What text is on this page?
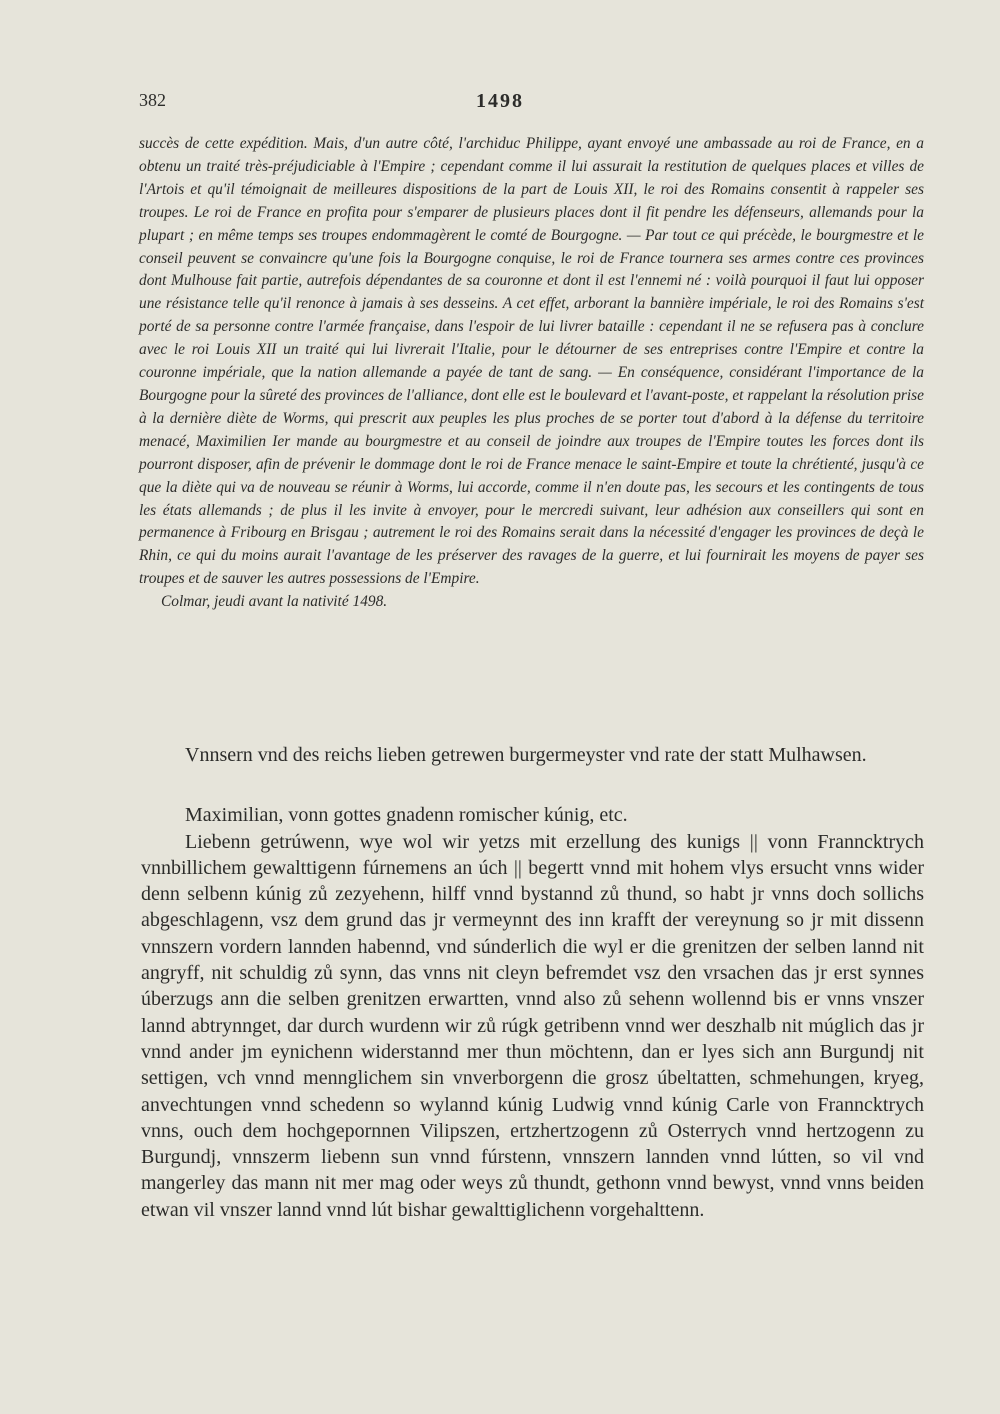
382	1498

succès de cette expédition. Mais, d'un autre côté, l'archiduc Philippe, ayant envoyé une ambassade au roi de France, en a obtenu un traité très-préjudiciable à l'Empire ; cependant comme il lui assurait la restitution de quelques places et villes de l'Artois et qu'il témoignait de meilleures dispositions de la part de Louis XII, le roi des Romains consentit à rappeler ses troupes. Le roi de France en profita pour s'emparer de plusieurs places dont il fit pendre les défenseurs, allemands pour la plupart ; en même temps ses troupes endommagèrent le comté de Bourgogne. — Par tout ce qui précède, le bourgmestre et le conseil peuvent se convaincre qu'une fois la Bourgogne conquise, le roi de France tournera ses armes contre ces provinces dont Mulhouse fait partie, autrefois dépendantes de sa couronne et dont il est l'ennemi né : voilà pourquoi il faut lui opposer une résistance telle qu'il renonce à jamais à ses desseins. A cet effet, arborant la bannière impériale, le roi des Romains s'est porté de sa personne contre l'armée française, dans l'espoir de lui livrer bataille : cependant il ne se refusera pas à conclure avec le roi Louis XII un traité qui lui livrerait l'Italie, pour le détourner de ses entreprises contre l'Empire et contre la couronne impériale, que la nation allemande a payée de tant de sang. — En conséquence, considérant l'importance de la Bourgogne pour la sûreté des provinces de l'alliance, dont elle est le boulevard et l'avant-poste, et rappelant la résolution prise à la dernière diète de Worms, qui prescrit aux peuples les plus proches de se porter tout d'abord à la défense du territoire menacé, Maximilien Ier mande au bourgmestre et au conseil de joindre aux troupes de l'Empire toutes les forces dont ils pourront disposer, afin de prévenir le dommage dont le roi de France menace le saint-Empire et toute la chrétienté, jusqu'à ce que la diète qui va de nouveau se réunir à Worms, lui accorde, comme il n'en doute pas, les secours et les contingents de tous les états allemands ; de plus il les invite à envoyer, pour le mercredi suivant, leur adhésion aux conseillers qui sont en permanence à Fribourg en Brisgau ; autrement le roi des Romains serait dans la nécessité d'engager les provinces de deçà le Rhin, ce qui du moins aurait l'avantage de les préserver des ravages de la guerre, et lui fournirait les moyens de payer ses troupes et de sauver les autres possessions de l'Empire.

Colmar, jeudi avant la nativité 1498.

Vnnsern vnd des reichs lieben getrewen burgermeyster vnd rate der statt Mulhawsen.

Maximilian, vonn gottes gnadenn romischer kúnig, etc.

Liebenn getrúwenn, wye wol wir yetzs mit erzellung des kunigs || vonn Franncktrych vnnbillichem gewalttigenn fúrnemens an úch || begertt vnnd mit hohem vlys ersucht vnns wider denn selbenn kúnig zů zezyehenn, hilff vnnd bystannd zů thund, so habt jr vnns doch sollichs abgeschlagenn, vsz dem grund das jr vermeynnt des inn krafft der vereynung so jr mit dissenn vnnszern vordern lannden habennd, vnd súnderlich die wyl er die grenitzen der selben lannd nit angryff, nit schuldig zů synn, das vnns nit cleyn befremdet vsz den vrsachen das jr erst synnes úberzugs ann die selben grenitzen erwartten, vnnd also zů sehenn wollennd bis er vnns vnszer lannd abtrynnget, dar durch wurdenn wir zů rúgk getribenn vnnd wer deszhalb nit múglich das jr vnnd ander jm eynichenn widerstannd mer thun möchtenn, dan er lyes sich ann Burgundj nit settigen, vch vnnd mennglichem sin vnverborgenn die grosz úbeltatten, schmehungen, kryeg, anvechtungen vnnd schedenn so wylannd kúnig Ludwig vnnd kúnig Carle von Franncktrych vnns, ouch dem hochgepornnen Vilipszen, ertzhertzogenn zů Osterrych vnnd hertzogenn zu Burgundj, vnnszerm liebenn sun vnnd fúrstenn, vnnszern lannden vnnd lútten, so vil vnd mangerley das mann nit mer mag oder weys zů thundt, gethonn vnnd bewyst, vnnd vnns beiden etwan vil vnszer lannd vnnd lút bishar gewalttiglichenn vorgehalttenn.
